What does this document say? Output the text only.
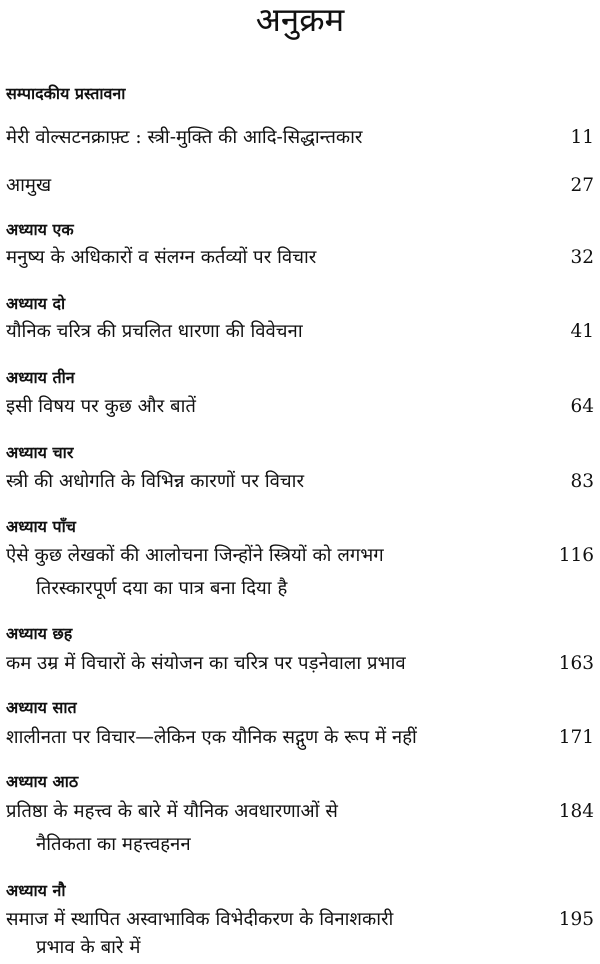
अनुक्रम
सम्पादकीय प्रस्तावना
मेरी वोल्सटनक्राफ़्ट : स्त्री-मुक्ति की आदि-सिद्धान्तकार	11
आमुख	27
अध्याय एक
मनुष्य के अधिकारों व संलग्न कर्तव्यों पर विचार	32
अध्याय दो
यौनिक चरित्र की प्रचलित धारणा की विवेचना	41
अध्याय तीन
इसी विषय पर कुछ और बातें	64
अध्याय चार
स्त्री की अधोगति के विभिन्न कारणों पर विचार	83
अध्याय पाँच
ऐसे कुछ लेखकों की आलोचना जिन्होंने स्त्रियों को लगभग	116
तिरस्कारपूर्ण दया का पात्र बना दिया है
अध्याय छह
कम उम्र में विचारों के संयोजन का चरित्र पर पड़नेवाला प्रभाव	163
अध्याय सात
शालीनता पर विचार—लेकिन एक यौनिक सद्गुण के रूप में नहीं	171
अध्याय आठ
प्रतिष्ठा के महत्त्व के बारे में यौनिक अवधारणाओं से	184
नैतिकता का महत्त्वहनन
अध्याय नौ
समाज में स्थापित अस्वाभाविक विभेदीकरण के विनाशकारी	195
प्रभाव के बारे में
